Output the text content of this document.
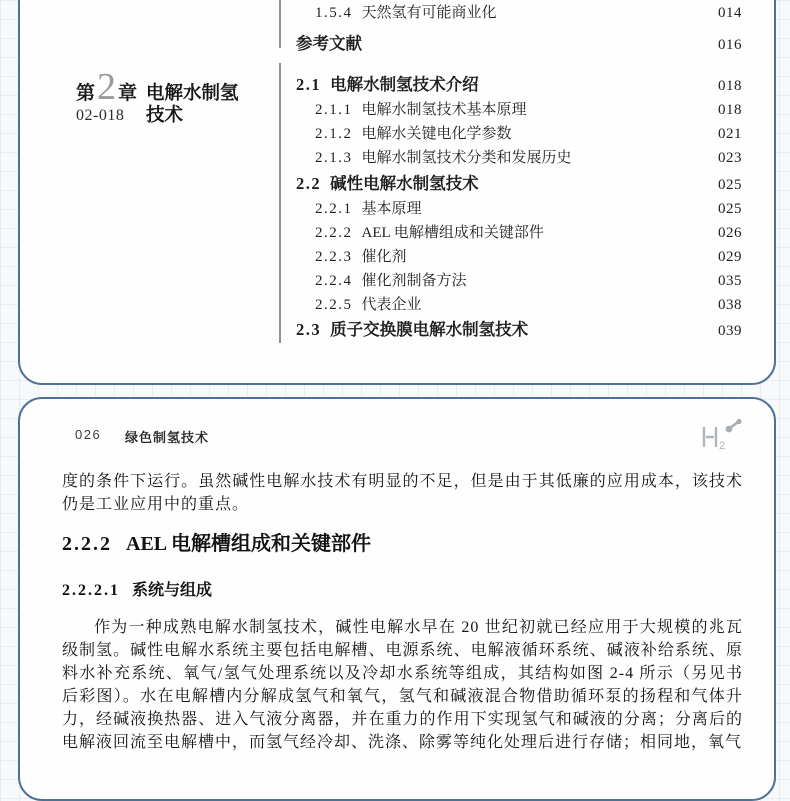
1.5.4 天然氢有可能商业化	014
参考文献	016
第 2 章
02-018
电解水制氢技术
2.1 电解水制氢技术介绍	018
2.1.1 电解水制氢技术基本原理	018
2.1.2 电解水关键电化学参数	021
2.1.3 电解水制氢技术分类和发展历史	023
2.2 碱性电解水制氢技术	025
2.2.1 基本原理	025
2.2.2 AEL 电解槽组成和关键部件	026
2.2.3 催化剂	029
2.2.4 催化剂制备方法	035
2.2.5 代表企业	038
2.3 质子交换膜电解水制氢技术	039
026 绿色制氢技术
2
度的条件下运行。虽然碱性电解水技术有明显的不足，但是由于其低廉的应用成本，该技术仍是工业应用中的重点。
2.2.2 AEL 电解槽组成和关键部件
2.2.2.1 系统与组成
作为一种成熟电解水制氢技术，碱性电解水早在 20 世纪初就已经应用于大规模的兆瓦级制氢。碱性电解水系统主要包括电解槽、电源系统、电解液循环系统、碱液补给系统、原料水补充系统、氧气/氢气处理系统以及冷却水系统等组成，其结构如图 2-4 所示（另见书后彩图）。水在电解槽内分解成氢气和氧气，氢气和碱液混合物借助循环泵的扬程和气体升力，经碱液换热器、进入气液分离器，并在重力的作用下实现氢气和碱液的分离；分离后的电解液回流至电解槽中，而氢气经冷却、洗涤、除雾等纯化处理后进行存储；相同地，氧气
